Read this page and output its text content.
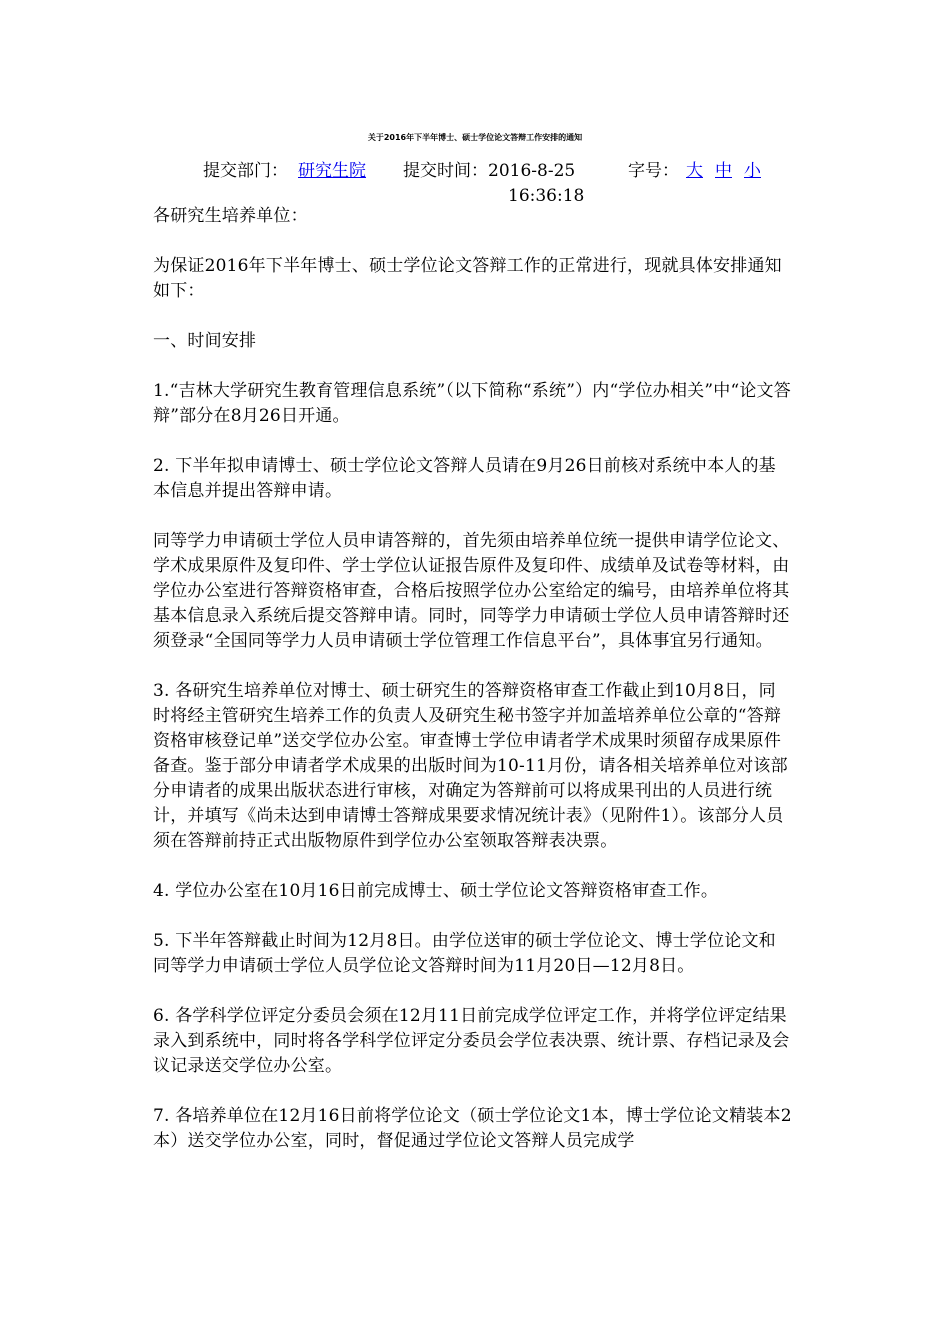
关于2016年下半年博士、硕士学位论文答辩工作安排的通知
提交部门： 研究生院 提交时间：2016-8-25
16:36:18
字号： 大 中 小

各研究生培养单位：

为保证2016年下半年博士、硕士学位论文答辩工作的正常进行，现就具体安排通知如下：

一、时间安排

1.“吉林大学研究生教育管理信息系统”（以下简称“系统”）内“学位办相关”中“论文答辩”部分在8月26日开通。

2. 下半年拟申请博士、硕士学位论文答辩人员请在9月26日前核对系统中本人的基本信息并提出答辩申请。

同等学力申请硕士学位人员申请答辩的，首先须由培养单位统一提供申请学位论文、学术成果原件及复印件、学士学位认证报告原件及复印件、成绩单及试卷等材料，由学位办公室进行答辩资格审查，合格后按照学位办公室给定的编号，由培养单位将其基本信息录入系统后提交答辩申请。同时，同等学力申请硕士学位人员申请答辩时还须登录“全国同等学力人员申请硕士学位管理工作信息平台”，具体事宜另行通知。

3. 各研究生培养单位对博士、硕士研究生的答辩资格审查工作截止到10月8日，同时将经主管研究生培养工作的负责人及研究生秘书签字并加盖培养单位公章的“答辩资格审核登记单”送交学位办公室。审查博士学位申请者学术成果时须留存成果原件备查。鉴于部分申请者学术成果的出版时间为10-11月份，请各相关培养单位对该部分申请者的成果出版状态进行审核，对确定为答辩前可以将成果刊出的人员进行统计，并填写《尚未达到申请博士答辩成果要求情况统计表》（见附件1）。该部分人员须在答辩前持正式出版物原件到学位办公室领取答辩表决票。

4. 学位办公室在10月16日前完成博士、硕士学位论文答辩资格审查工作。

5. 下半年答辩截止时间为12月8日。由学位送审的硕士学位论文、博士学位论文和同等学力申请硕士学位人员学位论文答辩时间为11月20日—12月8日。

6. 各学科学位评定分委员会须在12月11日前完成学位评定工作，并将学位评定结果录入到系统中，同时将各学科学位评定分委员会学位表决票、统计票、存档记录及会议记录送交学位办公室。

7. 各培养单位在12月16日前将学位论文（硕士学位论文1本，博士学位论文精装本2本）送交学位办公室，同时，督促通过学位论文答辩人员完成学
